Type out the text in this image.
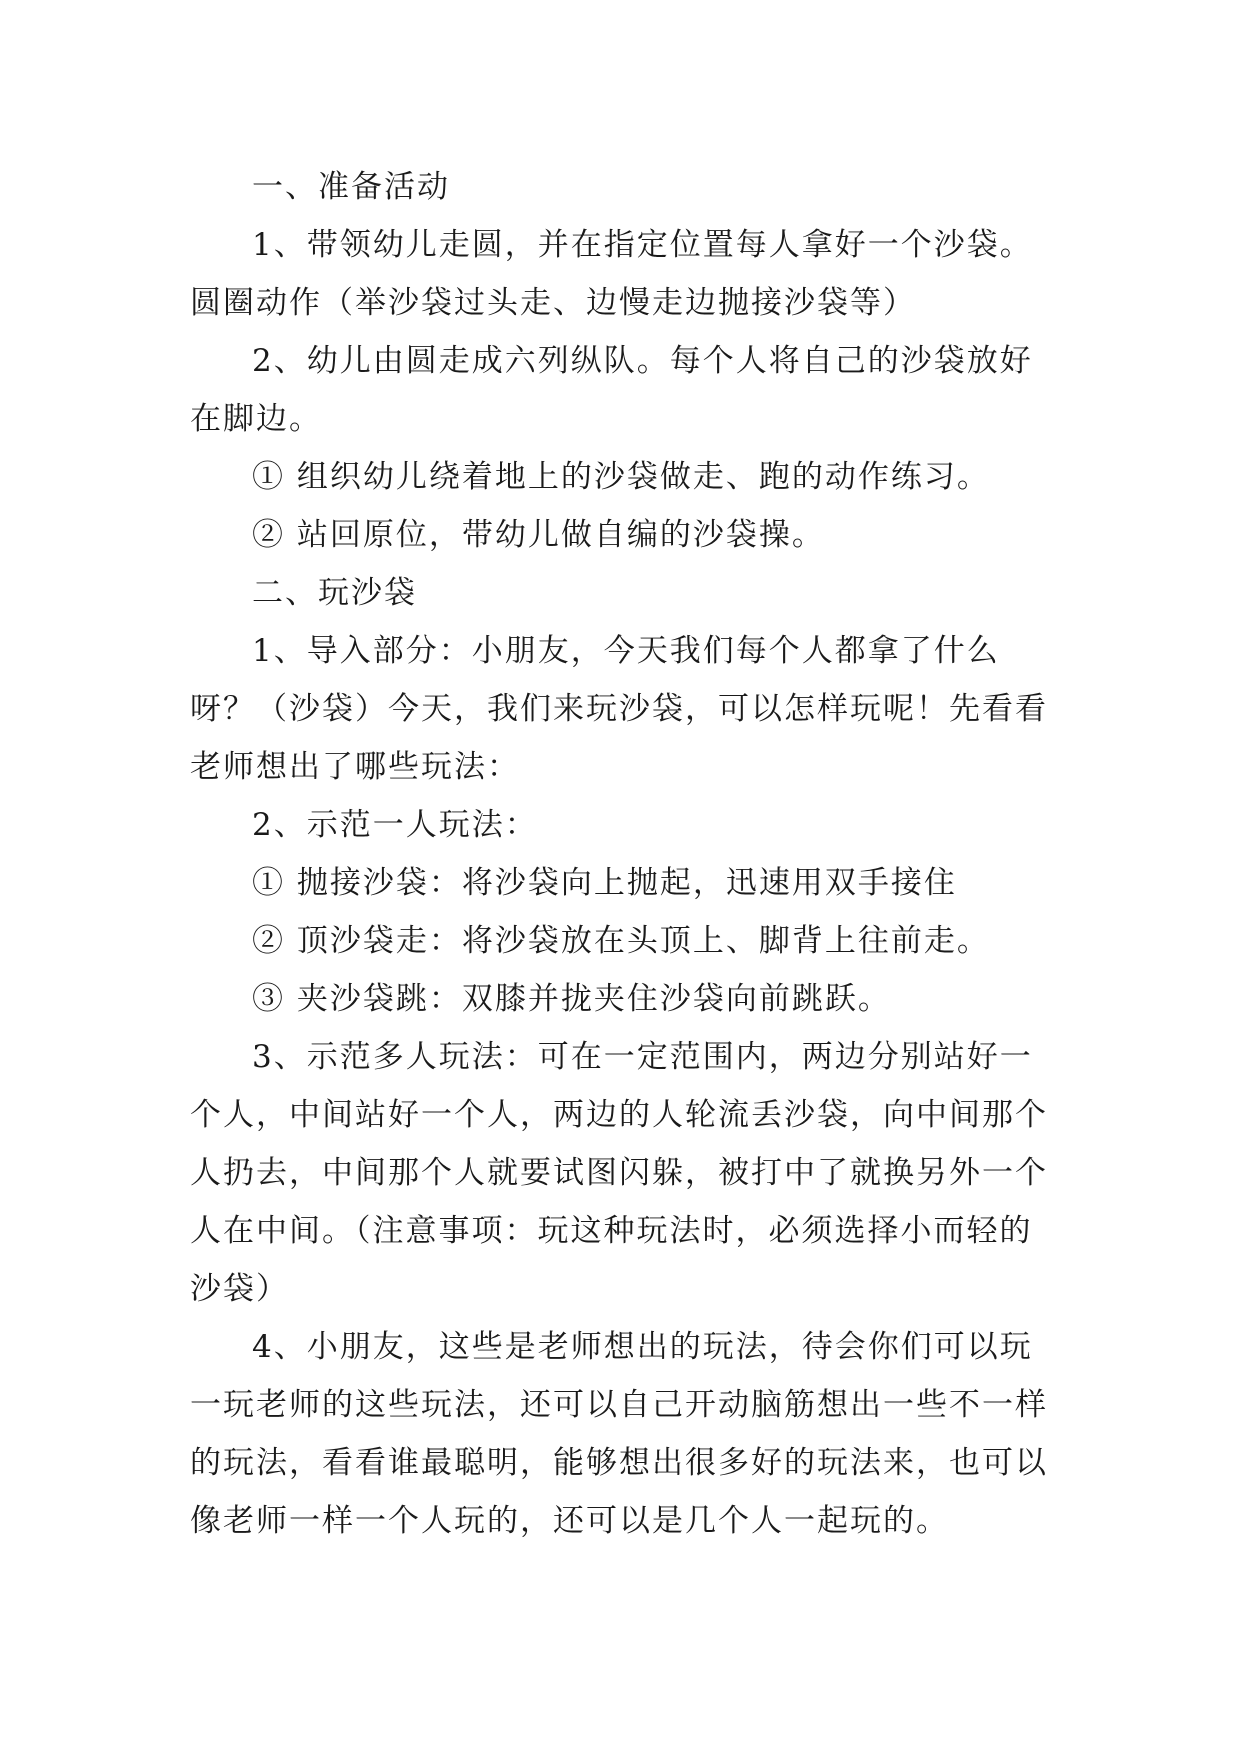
一、准备活动

1、带领幼儿走圆，并在指定位置每人拿好一个沙袋。圆圈动作（举沙袋过头走、边慢走边抛接沙袋等）

2、幼儿由圆走成六列纵队。每个人将自己的沙袋放好在脚边。

① 组织幼儿绕着地上的沙袋做走、跑的动作练习。

② 站回原位，带幼儿做自编的沙袋操。

二、玩沙袋

1、导入部分：小朋友，今天我们每个人都拿了什么呀？（沙袋）今天，我们来玩沙袋，可以怎样玩呢！先看看老师想出了哪些玩法：

2、示范一人玩法：

① 抛接沙袋：将沙袋向上抛起，迅速用双手接住

② 顶沙袋走：将沙袋放在头顶上、脚背上往前走。

③ 夹沙袋跳：双膝并拢夹住沙袋向前跳跃。

3、示范多人玩法：可在一定范围内，两边分别站好一个人，中间站好一个人，两边的人轮流丢沙袋，向中间那个人扔去，中间那个人就要试图闪躲，被打中了就换另外一个人在中间。（注意事项：玩这种玩法时，必须选择小而轻的沙袋）

4、小朋友，这些是老师想出的玩法，待会你们可以玩一玩老师的这些玩法，还可以自己开动脑筋想出一些不一样的玩法，看看谁最聪明，能够想出很多好的玩法来，也可以像老师一样一个人玩的，还可以是几个人一起玩的。
